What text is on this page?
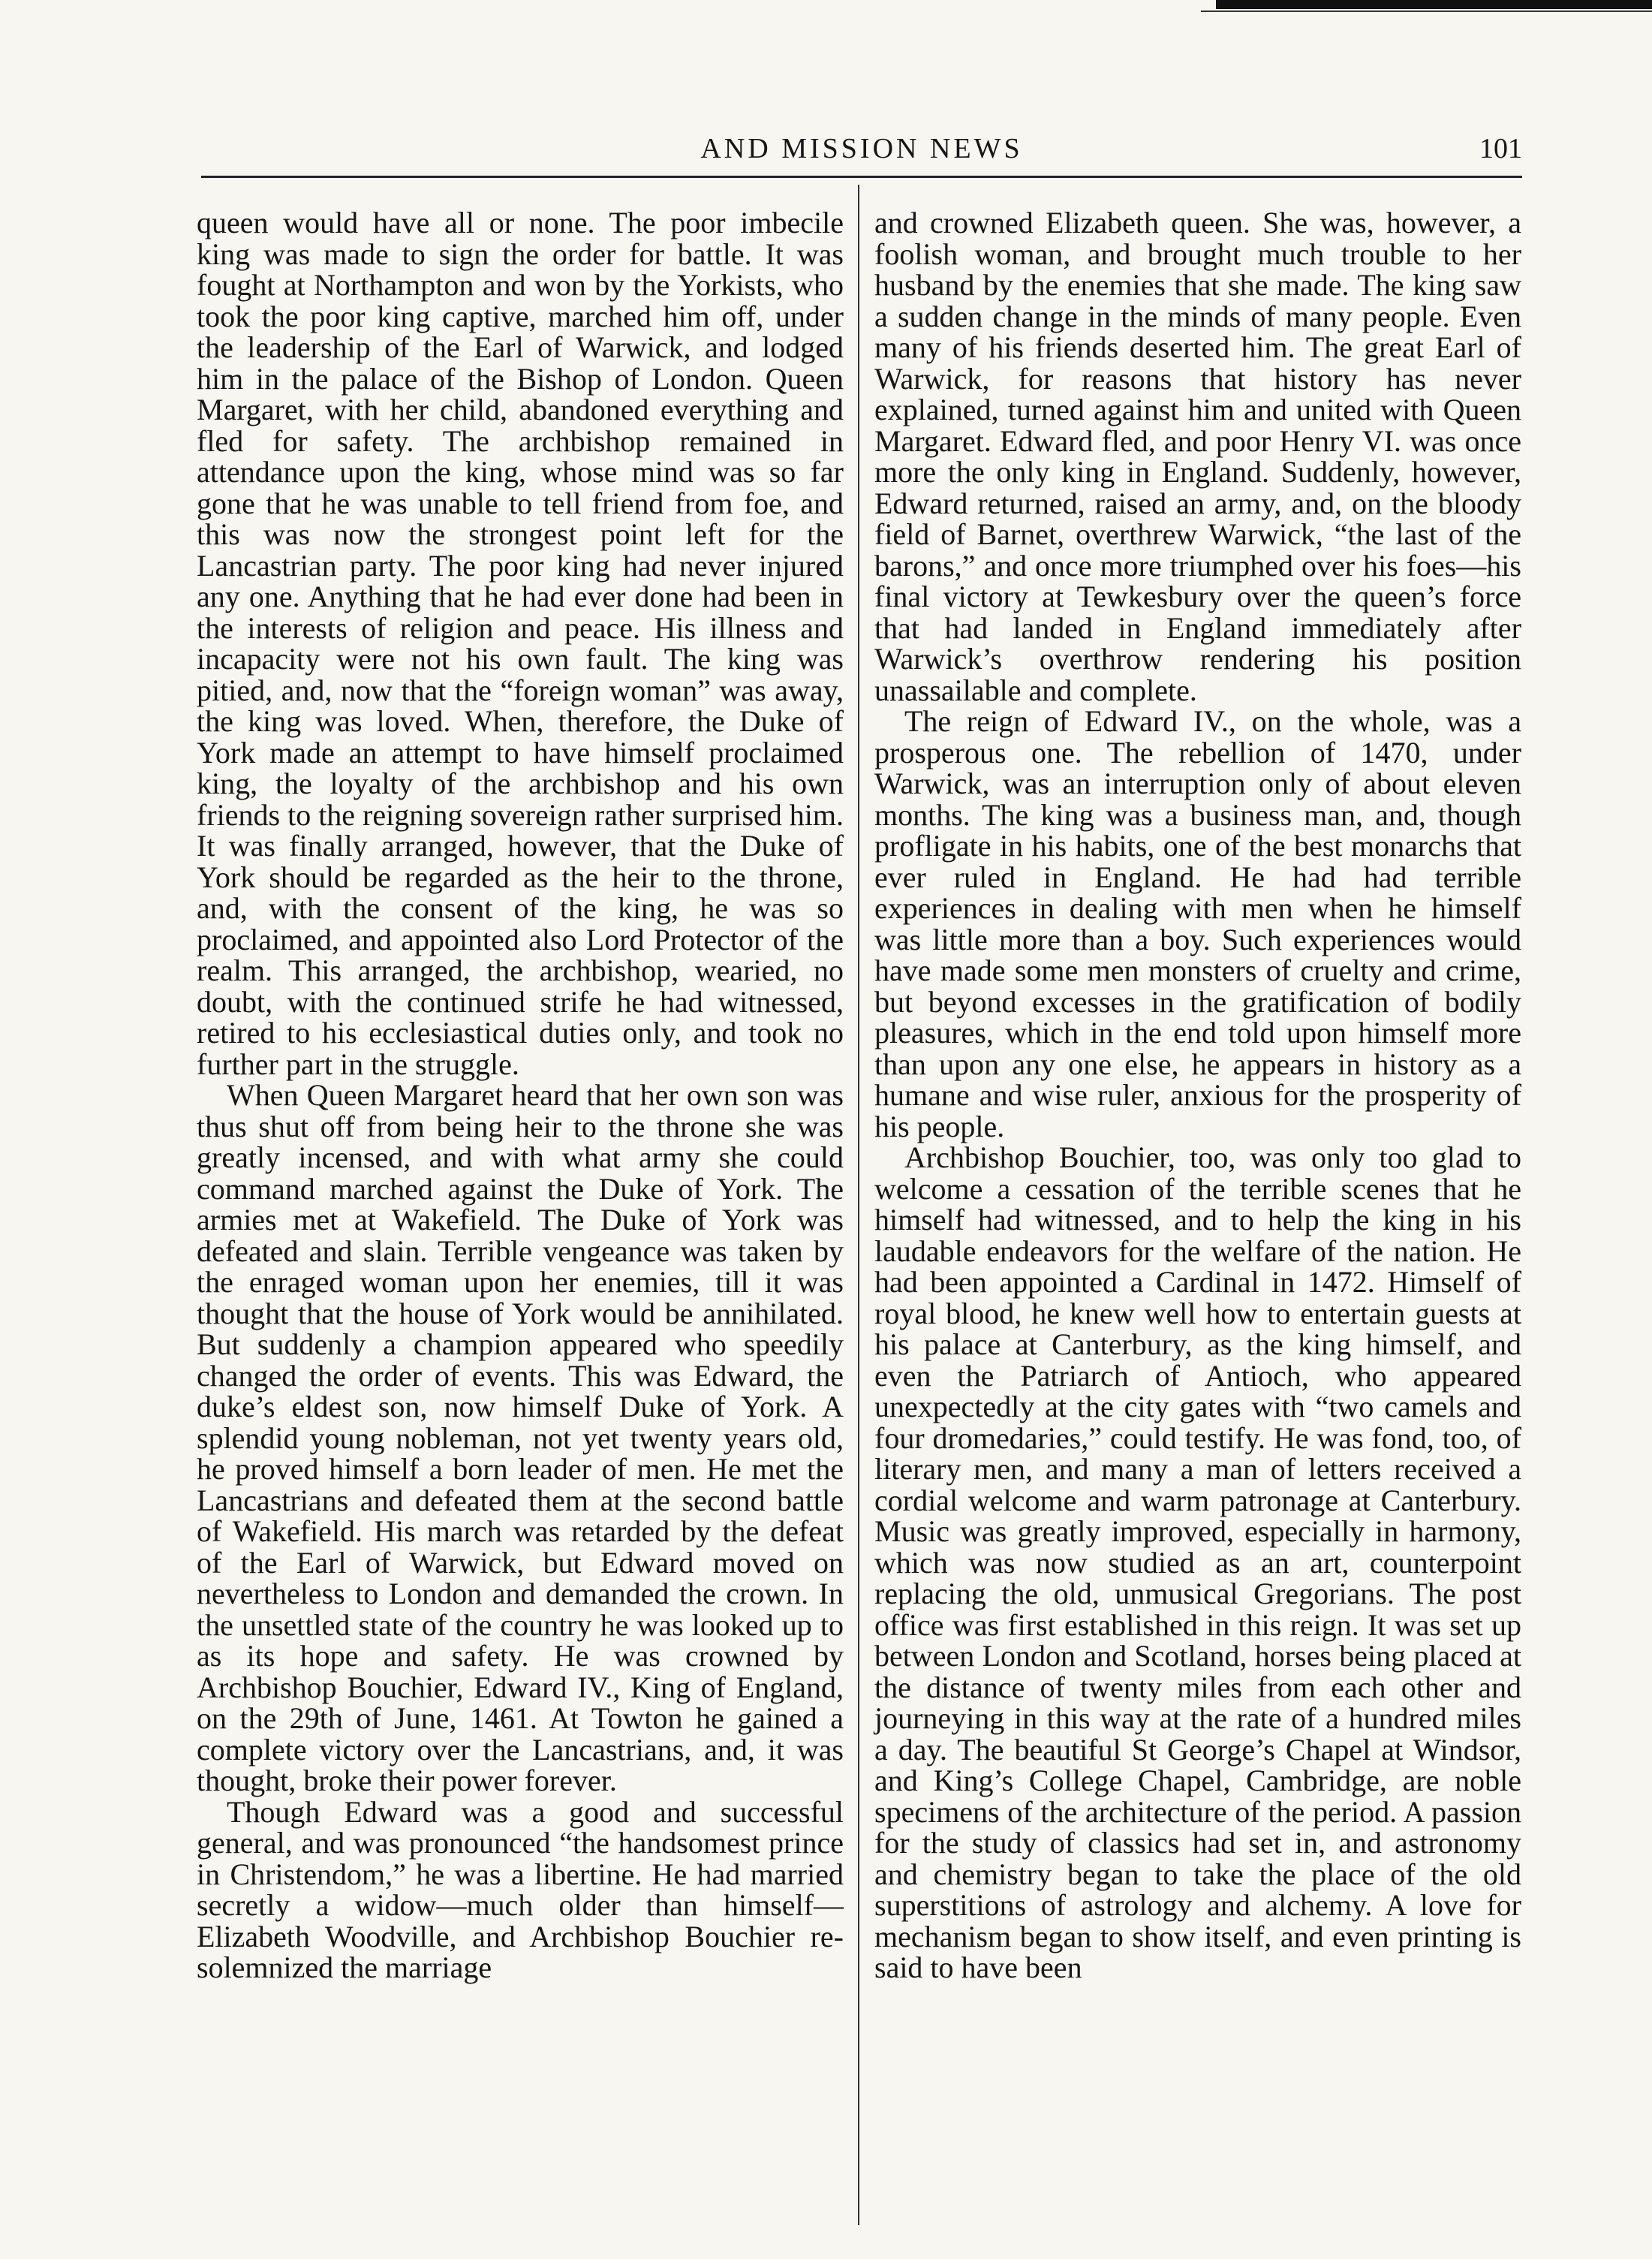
AND MISSION NEWS	101

queen would have all or none. The poor imbecile king was made to sign the order for battle. It was fought at Northampton and won by the Yorkists, who took the poor king captive, marched him off, under the leadership of the Earl of Warwick, and lodged him in the palace of the Bishop of London. Queen Margaret, with her child, abandoned everything and fled for safety. The archbishop remained in attendance upon the king, whose mind was so far gone that he was unable to tell friend from foe, and this was now the strongest point left for the Lancastrian party. The poor king had never injured any one. Anything that he had ever done had been in the interests of religion and peace. His illness and incapacity were not his own fault. The king was pitied, and, now that the “foreign woman” was away, the king was loved. When, therefore, the Duke of York made an attempt to have himself proclaimed king, the loyalty of the archbishop and his own friends to the reigning sovereign rather surprised him. It was finally arranged, however, that the Duke of York should be regarded as the heir to the throne, and, with the consent of the king, he was so proclaimed, and appointed also Lord Protector of the realm. This arranged, the archbishop, wearied, no doubt, with the continued strife he had witnessed, retired to his ecclesiastical duties only, and took no further part in the struggle.

When Queen Margaret heard that her own son was thus shut off from being heir to the throne she was greatly incensed, and with what army she could command marched against the Duke of York. The armies met at Wakefield. The Duke of York was defeated and slain. Terrible vengeance was taken by the enraged woman upon her enemies, till it was thought that the house of York would be annihilated. But suddenly a champion appeared who speedily changed the order of events. This was Edward, the duke’s eldest son, now himself Duke of York. A splendid young nobleman, not yet twenty years old, he proved himself a born leader of men. He met the Lancastrians and defeated them at the second battle of Wakefield. His march was retarded by the defeat of the Earl of Warwick, but Edward moved on nevertheless to London and demanded the crown. In the unsettled state of the country he was looked up to as its hope and safety. He was crowned by Archbishop Bouchier, Edward IV., King of England, on the 29th of June, 1461. At Towton he gained a complete victory over the Lancastrians, and, it was thought, broke their power forever.

Though Edward was a good and successful general, and was pronounced “the handsomest prince in Christendom,” he was a libertine. He had married secretly a widow—much older than himself—Elizabeth Woodville, and Archbishop Bouchier re-solemnized the marriage

and crowned Elizabeth queen. She was, however, a foolish woman, and brought much trouble to her husband by the enemies that she made. The king saw a sudden change in the minds of many people. Even many of his friends deserted him. The great Earl of Warwick, for reasons that history has never explained, turned against him and united with Queen Margaret. Edward fled, and poor Henry VI. was once more the only king in England. Suddenly, however, Edward returned, raised an army, and, on the bloody field of Barnet, overthrew Warwick, “the last of the barons,” and once more triumphed over his foes—his final victory at Tewkesbury over the queen’s force that had landed in England immediately after Warwick’s overthrow rendering his position unassailable and complete.

The reign of Edward IV., on the whole, was a prosperous one. The rebellion of 1470, under Warwick, was an interruption only of about eleven months. The king was a business man, and, though profligate in his habits, one of the best monarchs that ever ruled in England. He had had terrible experiences in dealing with men when he himself was little more than a boy. Such experiences would have made some men monsters of cruelty and crime, but beyond excesses in the gratification of bodily pleasures, which in the end told upon himself more than upon any one else, he appears in history as a humane and wise ruler, anxious for the prosperity of his people.

Archbishop Bouchier, too, was only too glad to welcome a cessation of the terrible scenes that he himself had witnessed, and to help the king in his laudable endeavors for the welfare of the nation. He had been appointed a Cardinal in 1472. Himself of royal blood, he knew well how to entertain guests at his palace at Canterbury, as the king himself, and even the Patriarch of Antioch, who appeared unexpectedly at the city gates with “two camels and four dromedaries,” could testify. He was fond, too, of literary men, and many a man of letters received a cordial welcome and warm patronage at Canterbury. Music was greatly improved, especially in harmony, which was now studied as an art, counterpoint replacing the old, unmusical Gregorians. The post office was first established in this reign. It was set up between London and Scotland, horses being placed at the distance of twenty miles from each other and journeying in this way at the rate of a hundred miles a day. The beautiful St George’s Chapel at Windsor, and King’s College Chapel, Cambridge, are noble specimens of the architecture of the period. A passion for the study of classics had set in, and astronomy and chemistry began to take the place of the old superstitions of astrology and alchemy. A love for mechanism began to show itself, and even printing is said to have been
